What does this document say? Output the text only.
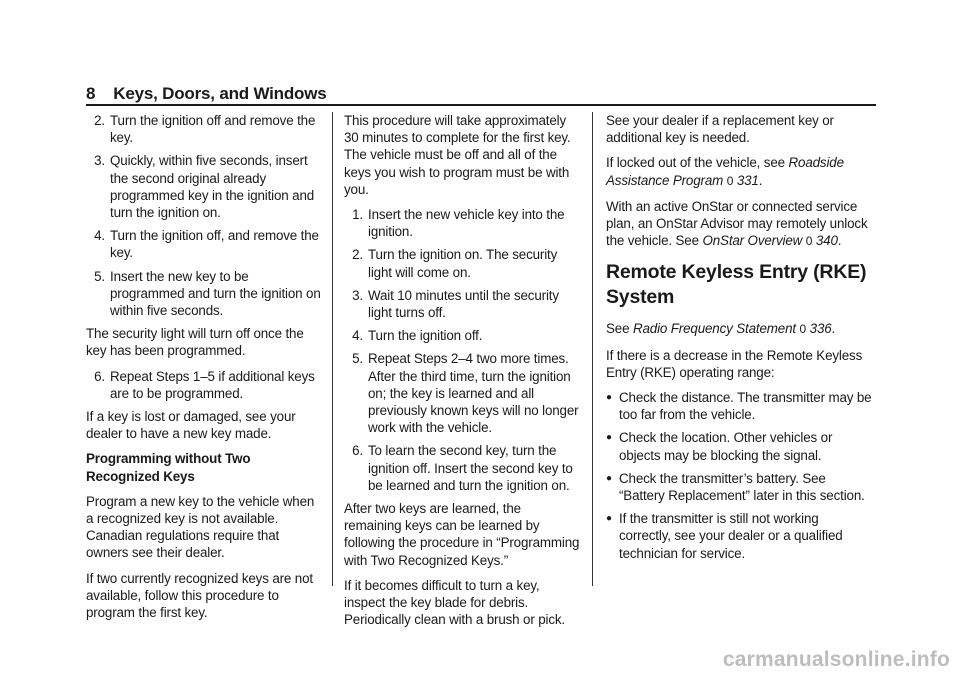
8 Keys, Doors, and Windows
2. Turn the ignition off and remove the key.
3. Quickly, within five seconds, insert the second original already programmed key in the ignition and turn the ignition on.
4. Turn the ignition off, and remove the key.
5. Insert the new key to be programmed and turn the ignition on within five seconds.

The security light will turn off once the key has been programmed.

6. Repeat Steps 1–5 if additional keys are to be programmed.

If a key is lost or damaged, see your dealer to have a new key made.

Programming without Two Recognized Keys

Program a new key to the vehicle when a recognized key is not available. Canadian regulations require that owners see their dealer.

If two currently recognized keys are not available, follow this procedure to program the first key.

This procedure will take approximately 30 minutes to complete for the first key. The vehicle must be off and all of the keys you wish to program must be with you.

1. Insert the new vehicle key into the ignition.
2. Turn the ignition on. The security light will come on.
3. Wait 10 minutes until the security light turns off.
4. Turn the ignition off.
5. Repeat Steps 2–4 two more times. After the third time, turn the ignition on; the key is learned and all previously known keys will no longer work with the vehicle.
6. To learn the second key, turn the ignition off. Insert the second key to be learned and turn the ignition on.

After two keys are learned, the remaining keys can be learned by following the procedure in “Programming with Two Recognized Keys.”

If it becomes difficult to turn a key, inspect the key blade for debris. Periodically clean with a brush or pick.

See your dealer if a replacement key or additional key is needed.

If locked out of the vehicle, see Roadside Assistance Program 0 331.

With an active OnStar or connected service plan, an OnStar Advisor may remotely unlock the vehicle. See OnStar Overview 0 340.

Remote Keyless Entry (RKE) System

See Radio Frequency Statement 0 336.

If there is a decrease in the Remote Keyless Entry (RKE) operating range:

● Check the distance. The transmitter may be too far from the vehicle.
● Check the location. Other vehicles or objects may be blocking the signal.
● Check the transmitter’s battery. See “Battery Replacement” later in this section.
● If the transmitter is still not working correctly, see your dealer or a qualified technician for service.
carmanualsonline.info
